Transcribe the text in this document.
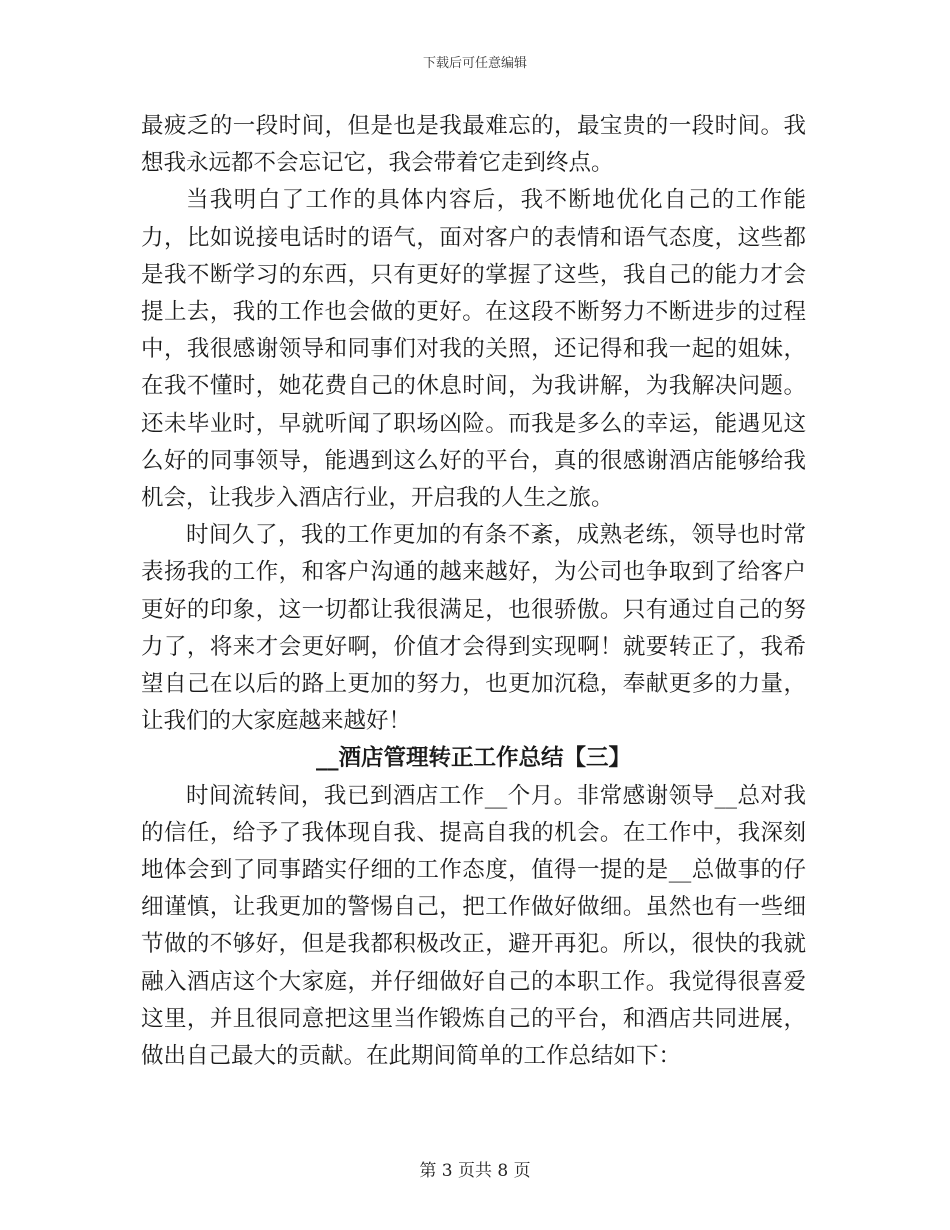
下载后可任意编辑

最疲乏的一段时间，但是也是我最难忘的，最宝贵的一段时间。我想我永远都不会忘记它，我会带着它走到终点。

当我明白了工作的具体内容后，我不断地优化自己的工作能力，比如说接电话时的语气，面对客户的表情和语气态度，这些都是我不断学习的东西，只有更好的掌握了这些，我自己的能力才会提上去，我的工作也会做的更好。在这段不断努力不断进步的过程中，我很感谢领导和同事们对我的关照，还记得和我一起的姐妹，在我不懂时，她花费自己的休息时间，为我讲解，为我解决问题。还未毕业时，早就听闻了职场凶险。而我是多么的幸运，能遇见这么好的同事领导，能遇到这么好的平台，真的很感谢酒店能够给我机会，让我步入酒店行业，开启我的人生之旅。

时间久了，我的工作更加的有条不紊，成熟老练，领导也时常表扬我的工作，和客户沟通的越来越好，为公司也争取到了给客户更好的印象，这一切都让我很满足，也很骄傲。只有通过自己的努力了，将来才会更好啊，价值才会得到实现啊！就要转正了，我希望自己在以后的路上更加的努力，也更加沉稳，奉献更多的力量，让我们的大家庭越来越好！

__酒店管理转正工作总结【三】

时间流转间，我已到酒店工作__个月。非常感谢领导__总对我的信任，给予了我体现自我、提高自我的机会。在工作中，我深刻地体会到了同事踏实仔细的工作态度，值得一提的是__总做事的仔细谨慎，让我更加的警惕自己，把工作做好做细。虽然也有一些细节做的不够好，但是我都积极改正，避开再犯。所以，很快的我就融入酒店这个大家庭，并仔细做好自己的本职工作。我觉得很喜爱这里，并且很同意把这里当作锻炼自己的平台，和酒店共同进展，做出自己最大的贡献。在此期间简单的工作总结如下：

第 3 页共 8 页
